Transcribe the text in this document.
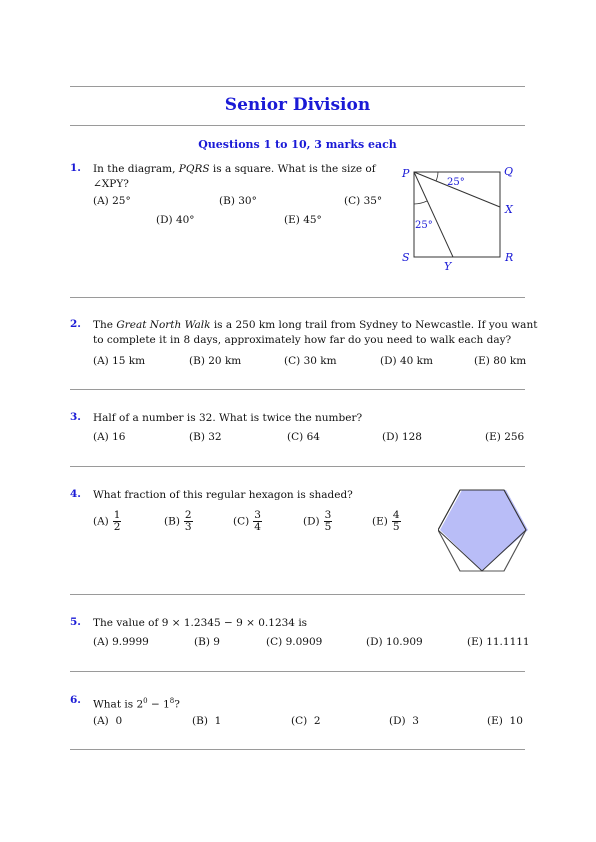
Senior Division
Questions 1 to 10, 3 marks each
1. In the diagram, PQRS is a square. What is the size of
∠XPY?
(A) 25°	(B) 30°	(C) 35°
(D) 40°	(E) 45°
P	Q
X
R
S
Y
25°
25°
2. The Great North Walk is a 250 km long trail from Sydney to Newcastle. If you want
to complete it in 8 days, approximately how far do you need to walk each day?
(A) 15 km	(B) 20 km	(C) 30 km	(D) 40 km	(E) 80 km
3. Half of a number is 32. What is twice the number?
(A) 16	(B) 32	(C) 64	(D) 128	(E) 256
4. What fraction of this regular hexagon is shaded?
$(A) \frac{1}{2}$	$(B) \frac{2}{3}$	$(C) \frac{3}{4}$	$(D) \frac{3}{5}$	$(E) \frac{4}{5}$
5. The value of 9 × 1.2345 − 9 × 0.1234 is
(A) 9.9999	(B) 9	(C) 9.0909	(D) 10.909	(E) 11.1111
6. What is $2^0 - 1^8$?
(A)  0	(B)  1	(C)  2	(D)  3	(E)  10
